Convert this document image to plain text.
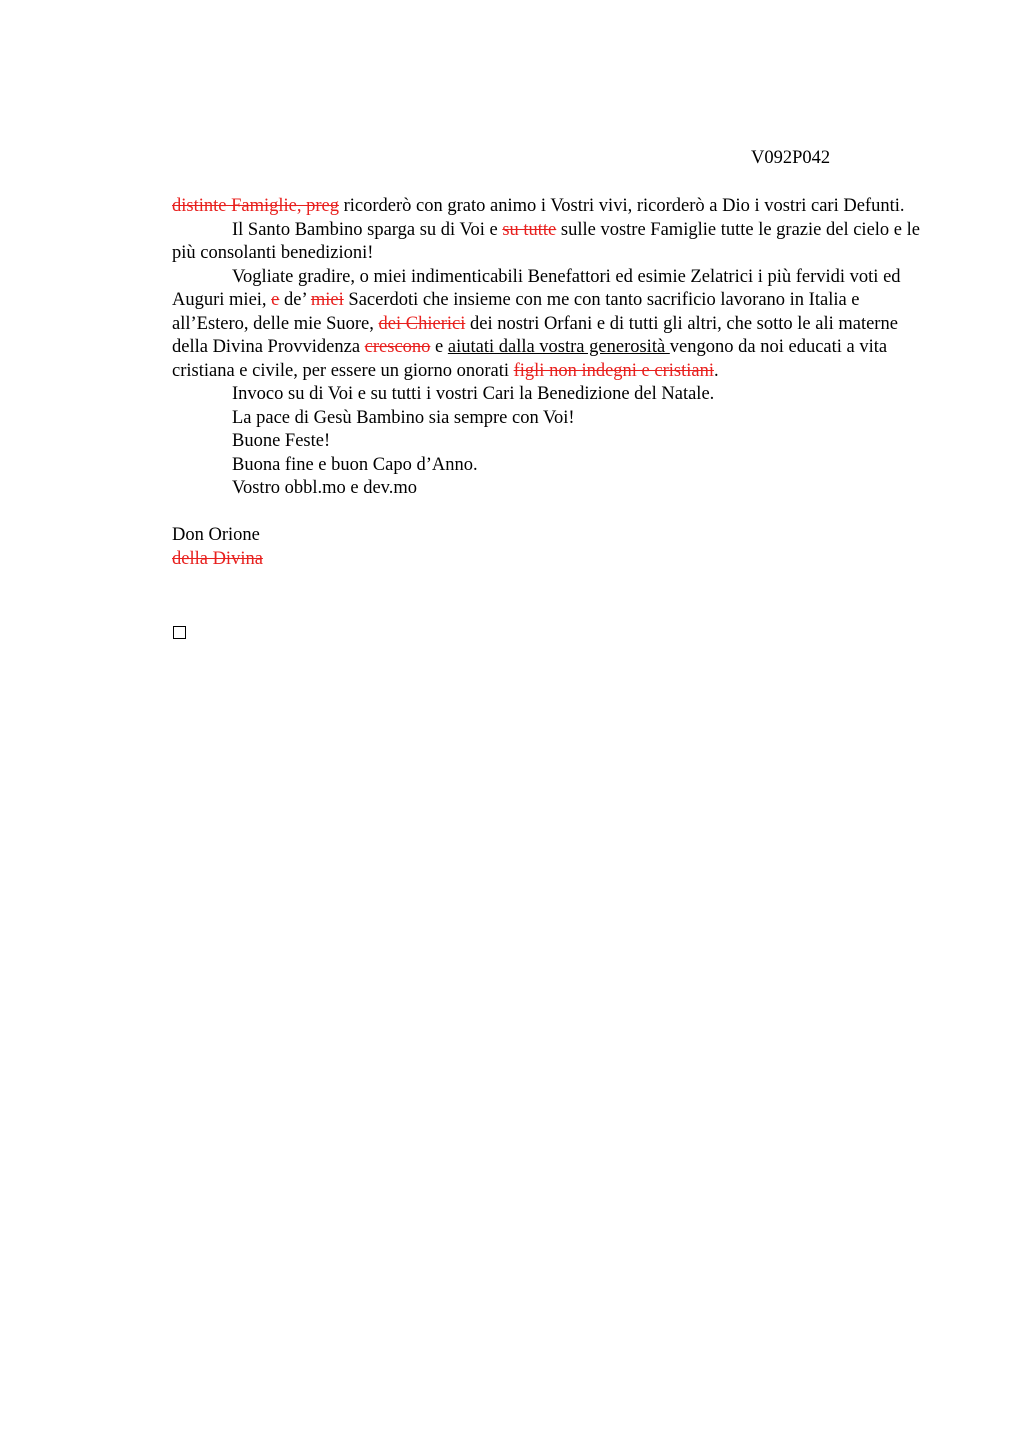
V092P042

distinte Famiglie, preg ricorderò con grato animo i Vostri vivi, ricorderò a Dio i vostri cari Defunti.

Il Santo Bambino sparga su di Voi e su tutte sulle vostre Famiglie tutte le grazie del cielo e le più consolanti benedizioni!

Vogliate gradire, o miei indimenticabili Benefattori ed esimie Zelatrici i più fervidi voti ed Auguri miei, e de’ miei Sacerdoti che insieme con me con tanto sacrificio lavorano in Italia e all’Estero, delle mie Suore, dei Chierici dei nostri Orfani e di tutti gli altri, che sotto le ali materne della Divina Provvidenza crescono e aiutati dalla vostra generosità vengono da noi educati a vita cristiana e civile, per essere un giorno onorati figli non indegni e cristiani.

Invoco su di Voi e su tutti i vostri Cari la Benedizione del Natale.

La pace di Gesù Bambino sia sempre con Voi!

Buone Feste!

Buona fine e buon Capo d’Anno.

Vostro obbl.mo e dev.mo

Don Orione

della Divina
